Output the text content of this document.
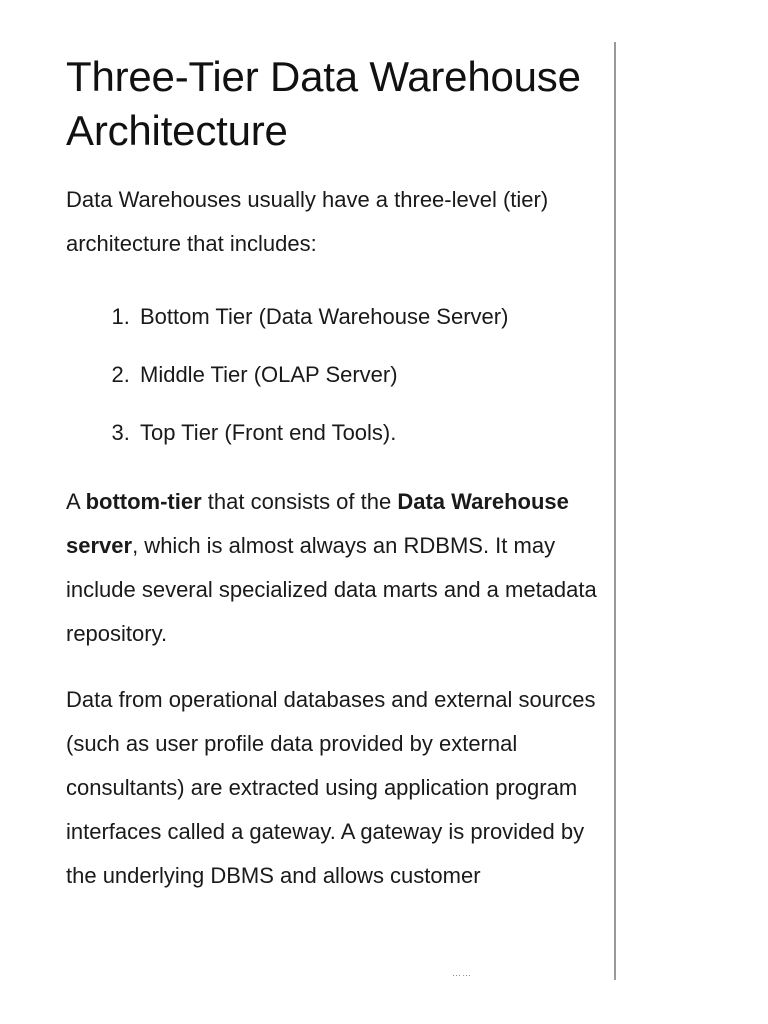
Three-Tier Data Warehouse Architecture

Data Warehouses usually have a three-level (tier) architecture that includes:

1. Bottom Tier (Data Warehouse Server)
2. Middle Tier (OLAP Server)
3. Top Tier (Front end Tools).

A bottom-tier that consists of the Data Warehouse server, which is almost always an RDBMS. It may include several specialized data marts and a metadata repository.

Data from operational databases and external sources (such as user profile data provided by external consultants) are extracted using application program interfaces called a gateway. A gateway is provided by the underlying DBMS and allows customer

……
